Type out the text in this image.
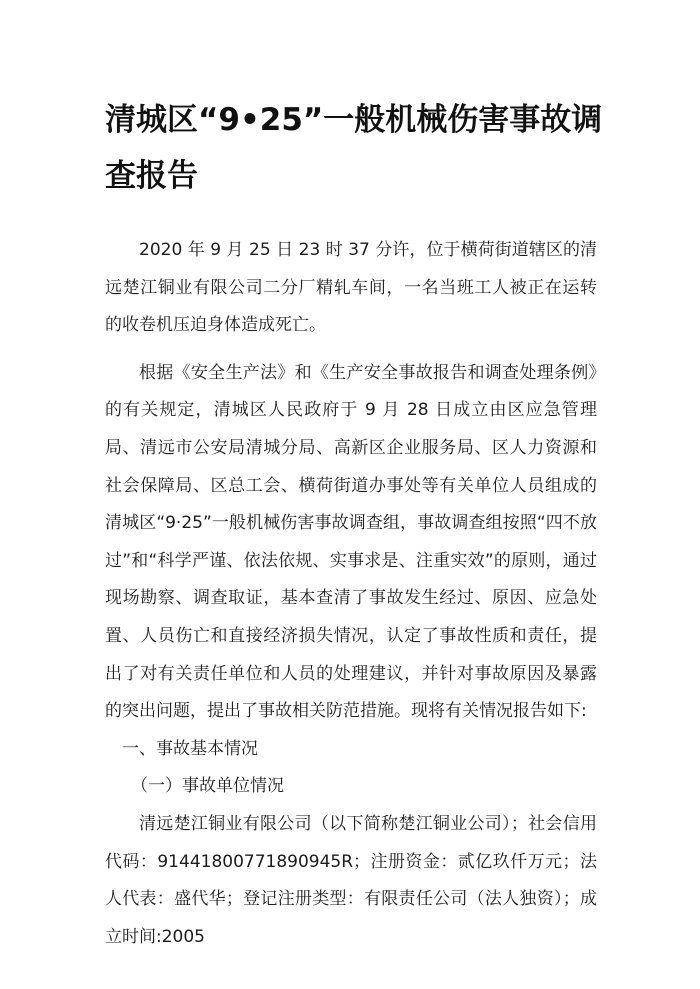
清城区“9•25”一般机械伤害事故调查报告

2020 年 9 月 25 日 23 时 37 分许，位于横荷街道辖区的清远楚江铜业有限公司二分厂精轧车间，一名当班工人被正在运转的收卷机压迫身体造成死亡。

根据《安全生产法》和《生产安全事故报告和调查处理条例》的有关规定，清城区人民政府于 9 月 28 日成立由区应急管理局、清远市公安局清城分局、高新区企业服务局、区人力资源和社会保障局、区总工会、横荷街道办事处等有关单位人员组成的清城区“9·25”一般机械伤害事故调查组，事故调查组按照“四不放过”和“科学严谨、依法依规、实事求是、注重实效”的原则，通过现场勘察、调查取证，基本查清了事故发生经过、原因、应急处置、人员伤亡和直接经济损失情况，认定了事故性质和责任，提出了对有关责任单位和人员的处理建议，并针对事故原因及暴露的突出问题，提出了事故相关防范措施。现将有关情况报告如下:

一、事故基本情况

（一）事故单位情况

清远楚江铜业有限公司（以下简称楚江铜业公司）；社会信用代码：91441800771890945R；注册资金：贰亿玖仟万元；法人代表：盛代华；登记注册类型：有限责任公司（法人独资）；成立时间:2005
